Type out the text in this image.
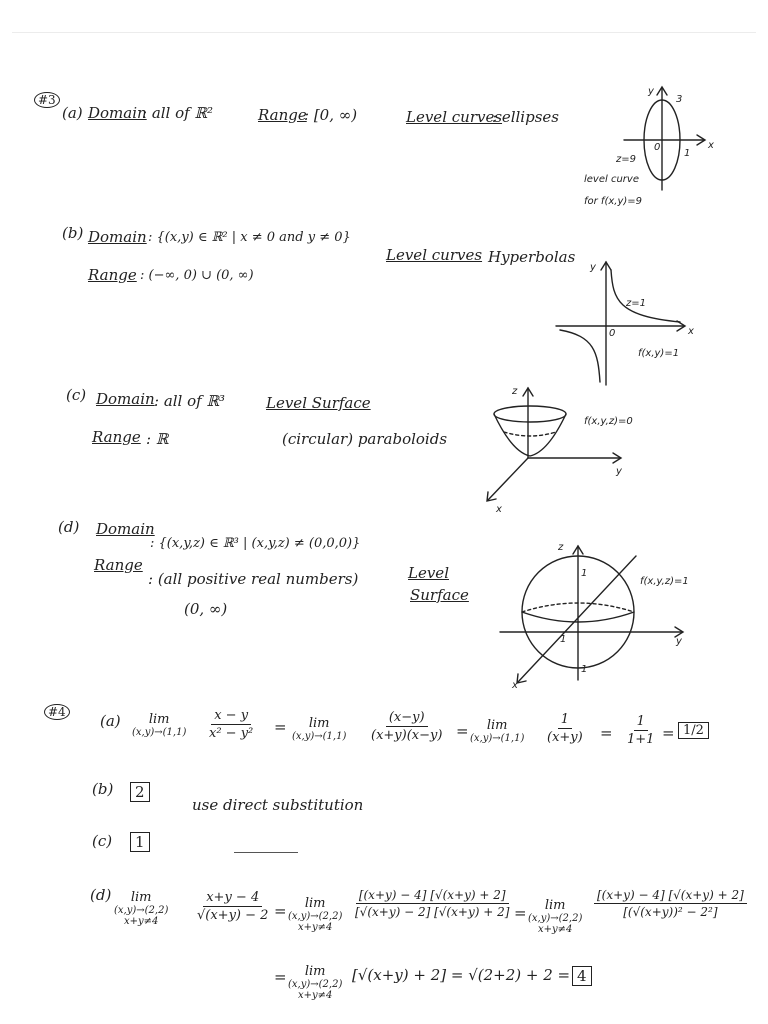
#3
(a) Domain
: all of ℝ²	Range
: [0, ∞)	Level curves
: ellipses
(b) Domain : {(x,y) ∈ ℝ² | x ≠ 0 and y ≠ 0}
Level curves Hyperbolas
Range : (−∞, 0) ∪ (0, ∞)
(c) Domain : all of ℝ³	Level Surface
Range : ℝ	(circular) paraboloids
(d) Domain
: {(x,y,z) ∈ ℝ³ | (x,y,z) ≠ (0,0,0)}
Range
: (all positive real numbers)
(0, ∞)
Level
Surface
y
3
x
0
1
z=9
level curve
for f(x,y)=9
y
x
0
z=1
f(x,y)=1
z
y
x
f(x,y,z)=0
z
y
x
1
1
1
f(x,y,z)=1
#4 (a) lim
$(x,y)\to(1,1) \frac{x - y}{\text{x² − y²}} = \lim$
$(x,y)\to(1,1) \frac{(x-y)}{(x+y)(x-y)} = \lim$
$(x,y)\to(1,1) \frac{1}{(x+y)} = \frac{1}{1+1} = 1/2$
(b)	2
use direct substitution
(c)	1
(d) lim
(x,y)→(2,2)
x+y≠4	$\frac{x+y - 4}{√(x+y) - 2} = \lim$
(x,y)→(2,2)
x+y≠4
$\frac{[(x+y) - 4] [√(x+y) + 2]}{[√(x+y) - 2] [√(x+y) + 2]} = \lim$
(x,y)→(2,2)
x+y≠4
$\frac{[(x+y) - 4] [√(x+y) + 2]}{\text{[(√(x+y))² − 2²]}}$
= lim
(x,y)→(2,2)
x+y≠4
[√(x+y) + 2] = √(2+2) + 2 = 4
